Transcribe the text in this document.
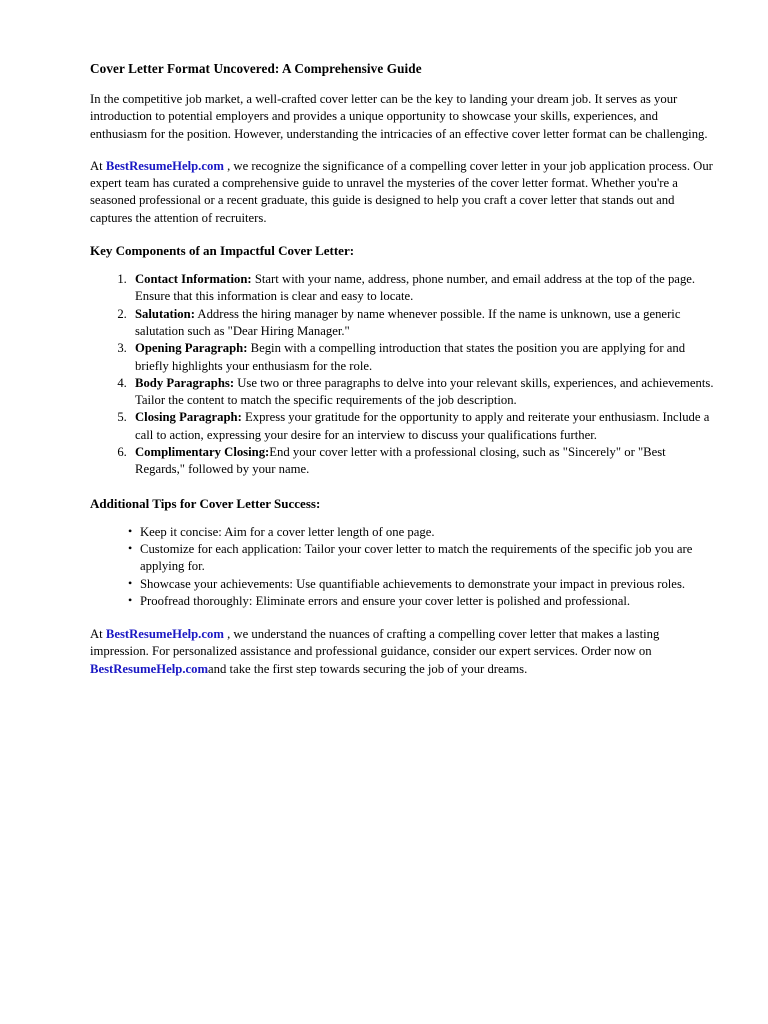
Cover Letter Format Uncovered: A Comprehensive Guide

In the competitive job market, a well-crafted cover letter can be the key to landing your dream job. It serves as your introduction to potential employers and provides a unique opportunity to showcase your skills, experiences, and enthusiasm for the position. However, understanding the intricacies of an effective cover letter format can be challenging.

At BestResumeHelp.com , we recognize the significance of a compelling cover letter in your job application process. Our expert team has curated a comprehensive guide to unravel the mysteries of the cover letter format. Whether you're a seasoned professional or a recent graduate, this guide is designed to help you craft a cover letter that stands out and captures the attention of recruiters.

Key Components of an Impactful Cover Letter:
1. Contact Information: Start with your name, address, phone number, and email address at the top of the page. Ensure that this information is clear and easy to locate.
2. Salutation: Address the hiring manager by name whenever possible. If the name is unknown, use a generic salutation such as "Dear Hiring Manager."
3. Opening Paragraph: Begin with a compelling introduction that states the position you are applying for and briefly highlights your enthusiasm for the role.
4. Body Paragraphs: Use two or three paragraphs to delve into your relevant skills, experiences, and achievements. Tailor the content to match the specific requirements of the job description.
5. Closing Paragraph: Express your gratitude for the opportunity to apply and reiterate your enthusiasm. Include a call to action, expressing your desire for an interview to discuss your qualifications further.
6. Complimentary Closing:End your cover letter with a professional closing, such as "Sincerely" or "Best Regards," followed by your name.
Additional Tips for Cover Letter Success:
• Keep it concise: Aim for a cover letter length of one page.
• Customize for each application: Tailor your cover letter to match the requirements of the specific job you are applying for.
• Showcase your achievements: Use quantifiable achievements to demonstrate your impact in previous roles.
• Proofread thoroughly: Eliminate errors and ensure your cover letter is polished and professional.

At BestResumeHelp.com , we understand the nuances of crafting a compelling cover letter that makes a lasting impression. For personalized assistance and professional guidance, consider our expert services. Order now on BestResumeHelp.comand take the first step towards securing the job of your dreams.
